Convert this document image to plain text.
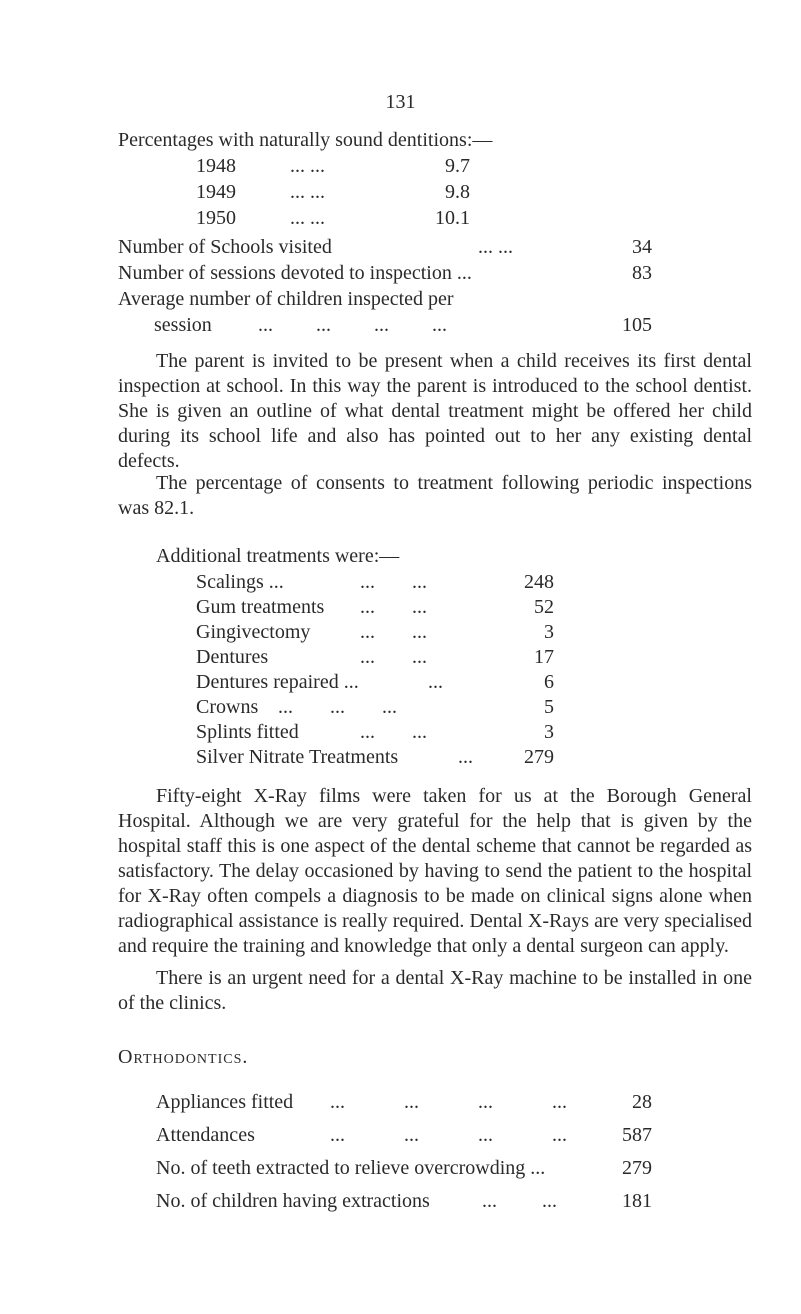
131
Percentages with naturally sound dentitions:—
1948	... ...	9.7
1949	... ...	9.8
1950	... ...	10.1
Number of Schools visited	... ...	34
Number of sessions devoted to inspection ...	83
Average number of children inspected per
session ... ... ... ...	105
The parent is invited to be present when a child receives its first dental inspection at school. In this way the parent is introduced to the school dentist. She is given an outline of what dental treatment might be offered her child during its school life and also has pointed out to her any existing dental defects.
The percentage of consents to treatment following periodic inspections was 82.1.
Additional treatments were:—
Scalings ...	... ...	248
Gum treatments ... ...	52
Gingivectomy ... ...	3
Dentures	... ...	17
Dentures repaired ...	...	6
Crowns ... ... ...	5
Splints fitted	... ...	3
Silver Nitrate Treatments	...	279
Fifty-eight X-Ray films were taken for us at the Borough General Hospital. Although we are very grateful for the help that is given by the hospital staff this is one aspect of the dental scheme that cannot be regarded as satisfactory. The delay occasioned by having to send the patient to the hospital for X-Ray often compels a diagnosis to be made on clinical signs alone when radiographical assistance is really required. Dental X-Rays are very specialised and require the training and knowledge that only a dental surgeon can apply.
There is an urgent need for a dental X-Ray machine to be installed in one of the clinics.
Orthodontics.
Appliances fitted ... ... ... ...	28
Attendances	... ... ... ...	587
No. of teeth extracted to relieve overcrowding ...	279
No. of children having extractions	... ...	181
